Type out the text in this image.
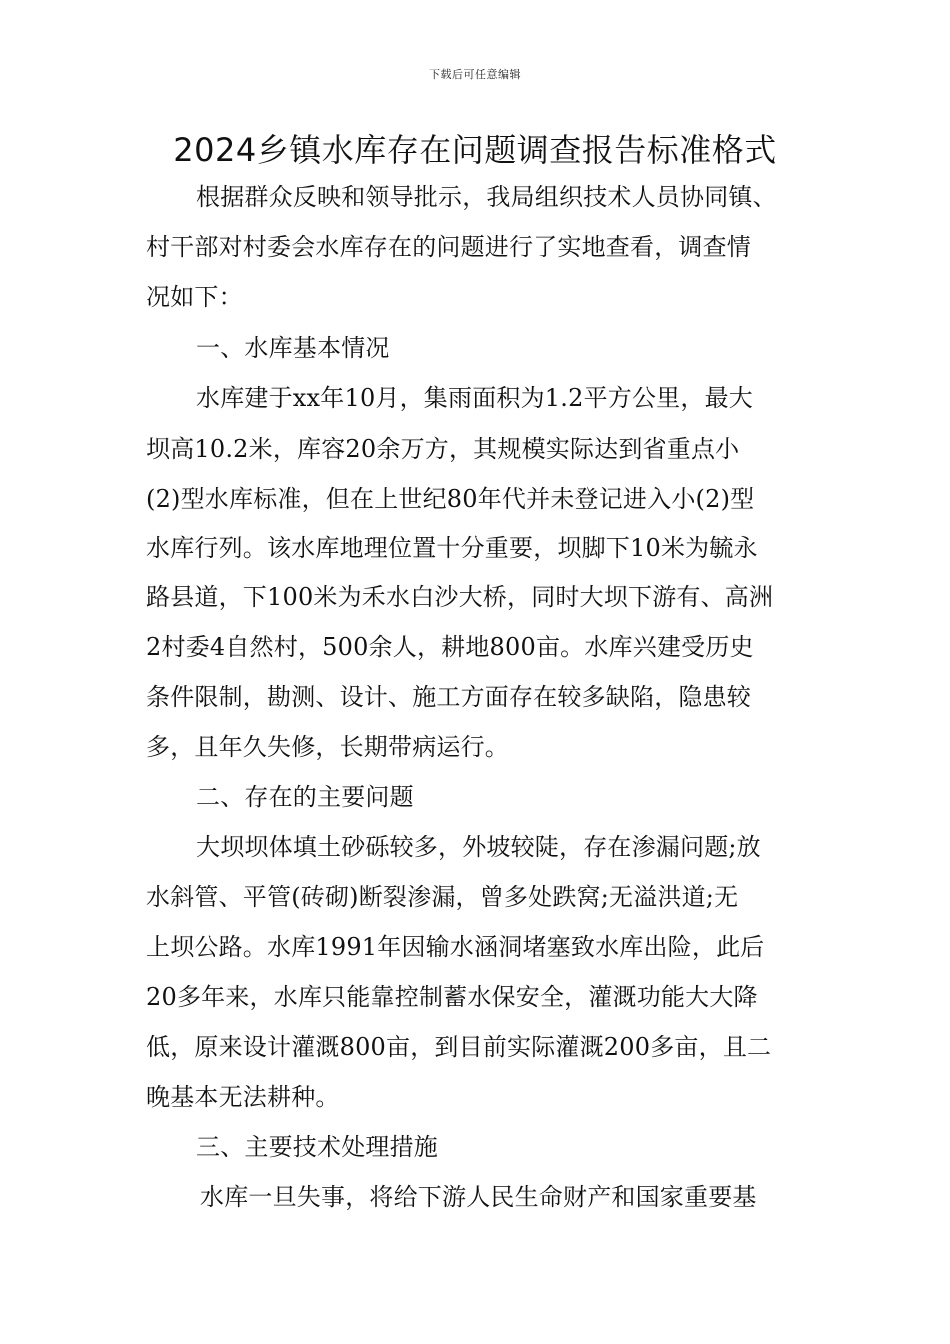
下载后可任意编辑
2024乡镇水库存在问题调查报告标准格式
根据群众反映和领导批示，我局组织技术人员协同镇、
村干部对村委会水库存在的问题进行了实地查看，调查情
况如下：
一、水库基本情况
水库建于xx年10月，集雨面积为1.2平方公里，最大
坝高10.2米，库容20余万方，其规模实际达到省重点小
(2)型水库标准，但在上世纪80年代并未登记进入小(2)型
水库行列。该水库地理位置十分重要，坝脚下10米为毓永
路县道，下100米为禾水白沙大桥，同时大坝下游有、高洲
2村委4自然村，500余人，耕地800亩。水库兴建受历史
条件限制，勘测、设计、施工方面存在较多缺陷，隐患较
多，且年久失修，长期带病运行。
二、存在的主要问题
大坝坝体填土砂砾较多，外坡较陡，存在渗漏问题;放
水斜管、平管(砖砌)断裂渗漏，曾多处跌窝;无溢洪道;无
上坝公路。水库1991年因输水涵洞堵塞致水库出险，此后
20多年来，水库只能靠控制蓄水保安全，灌溉功能大大降
低，原来设计灌溉800亩，到目前实际灌溉200多亩，且二
晚基本无法耕种。
三、主要技术处理措施
水库一旦失事，将给下游人民生命财产和国家重要基
